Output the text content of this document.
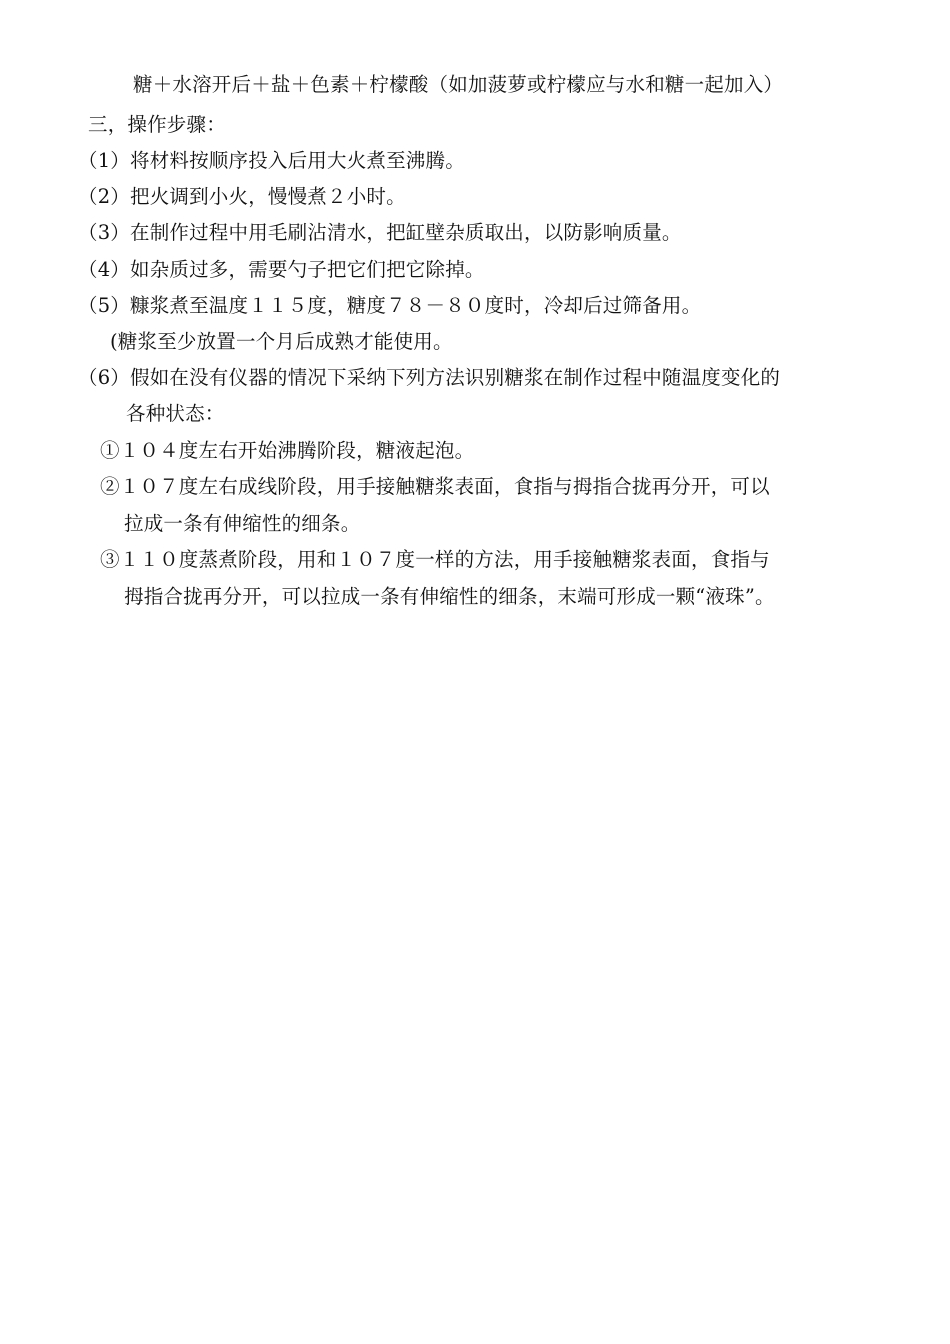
糖＋水溶开后＋盐＋色素＋柠檬酸（如加菠萝或柠檬应与水和糖一起加入）
三，操作步骤：
（1）将材料按顺序投入后用大火煮至沸腾。
（2）把火调到小火，慢慢煮２小时。
（3）在制作过程中用毛刷沾清水，把缸壁杂质取出，以防影响质量。
（4）如杂质过多，需要勺子把它们把它除掉。
（5）糠浆煮至温度１１５度，糖度７８－８０度时，冷却后过筛备用。
(糖浆至少放置一个月后成熟才能使用。
（6）假如在没有仪器的情况下采纳下列方法识别糖浆在制作过程中随温度变化的
各种状态：
①１０４度左右开始沸腾阶段，糖液起泡。
②１０７度左右成线阶段，用手接触糖浆表面，食指与拇指合拢再分开，可以
拉成一条有伸缩性的细条。
③１１０度蒸煮阶段，用和１０７度一样的方法，用手接触糖浆表面，食指与
拇指合拢再分开，可以拉成一条有伸缩性的细条，末端可形成一颗“液珠”。
